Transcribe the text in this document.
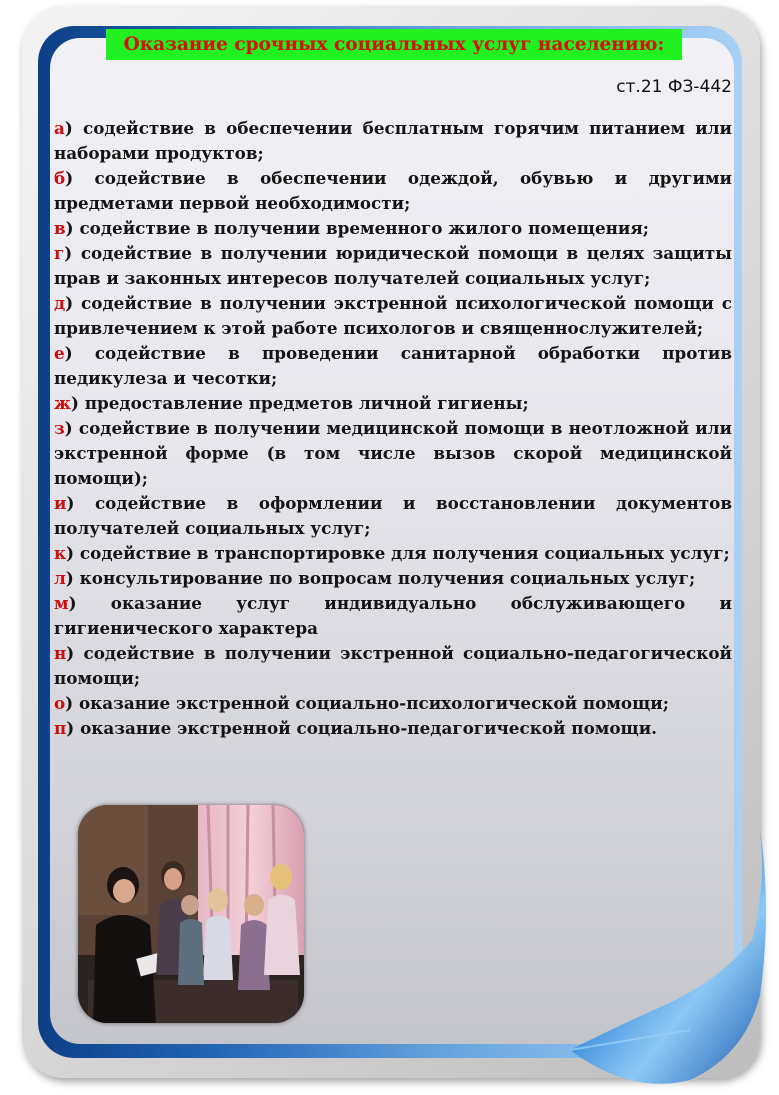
Оказание срочных социальных услуг населению:
ст.21 ФЗ-442
а) содействие в обеспечении бесплатным горячим питанием или наборами продуктов;
б) содействие в обеспечении одеждой, обувью и другими предметами первой необходимости;
в) содействие в получении временного жилого помещения;
г) содействие в получении юридической помощи в целях защиты прав и законных интересов получателей социальных услуг;
д) содействие в получении экстренной психологической помощи с привлечением к этой работе психологов и священнослужителей;
е) содействие в проведении санитарной обработки против педикулеза и чесотки;
ж) предоставление предметов личной гигиены;
з) содействие в получении медицинской помощи в неотложной или экстренной форме (в том числе вызов скорой медицинской помощи);
и) содействие в оформлении и восстановлении документов получателей социальных услуг;
к) содействие в транспортировке для получения социальных услуг;
л) консультирование по вопросам получения социальных услуг;
м) оказание услуг индивидуально обслуживающего и гигиенического характера
н) содействие в получении экстренной социально-педагогической помощи;
о) оказание экстренной социально-психологической помощи;
п) оказание экстренной социально-педагогической помощи.
